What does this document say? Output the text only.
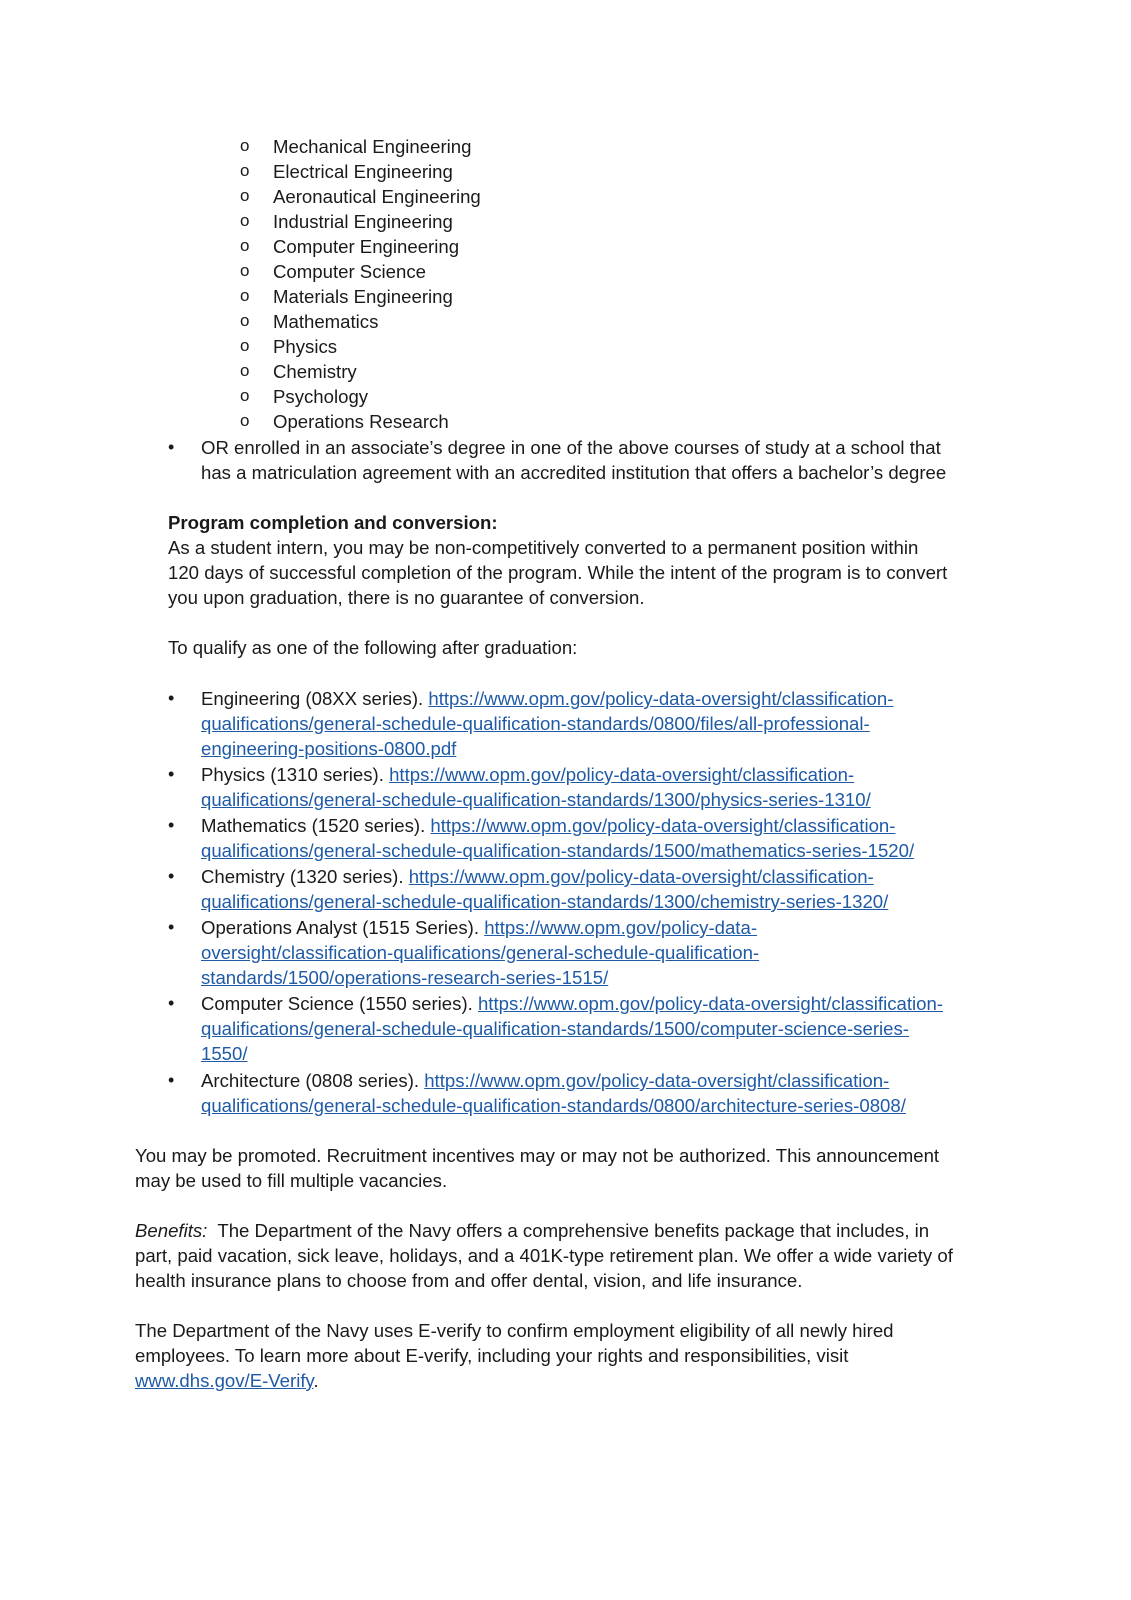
o Mechanical Engineering
o Electrical Engineering
o Aeronautical Engineering
o Industrial Engineering
o Computer Engineering
o Computer Science
o Materials Engineering
o Mathematics
o Physics
o Chemistry
o Psychology
o Operations Research
• OR enrolled in an associate’s degree in one of the above courses of study at a school that
has a matriculation agreement with an accredited institution that offers a bachelor’s degree
Program completion and conversion:
As a student intern, you may be non-competitively converted to a permanent position within
120 days of successful completion of the program. While the intent of the program is to convert
you upon graduation, there is no guarantee of conversion.
To qualify as one of the following after graduation:
• Engineering (08XX series). https://www.opm.gov/policy-data-oversight/classification-
qualifications/general-schedule-qualification-standards/0800/files/all-professional-
engineering-positions-0800.pdf
• Physics (1310 series). https://www.opm.gov/policy-data-oversight/classification-
qualifications/general-schedule-qualification-standards/1300/physics-series-1310/
• Mathematics (1520 series). https://www.opm.gov/policy-data-oversight/classification-
qualifications/general-schedule-qualification-standards/1500/mathematics-series-1520/
• Chemistry (1320 series). https://www.opm.gov/policy-data-oversight/classification-
qualifications/general-schedule-qualification-standards/1300/chemistry-series-1320/
• Operations Analyst (1515 Series). https://www.opm.gov/policy-data-
oversight/classification-qualifications/general-schedule-qualification-
standards/1500/operations-research-series-1515/
• Computer Science (1550 series). https://www.opm.gov/policy-data-oversight/classification-
qualifications/general-schedule-qualification-standards/1500/computer-science-series-
1550/
• Architecture (0808 series). https://www.opm.gov/policy-data-oversight/classification-
qualifications/general-schedule-qualification-standards/0800/architecture-series-0808/
You may be promoted. Recruitment incentives may or may not be authorized. This announcement
may be used to fill multiple vacancies.
Benefits:  The Department of the Navy offers a comprehensive benefits package that includes, in
part, paid vacation, sick leave, holidays, and a 401K-type retirement plan. We offer a wide variety of
health insurance plans to choose from and offer dental, vision, and life insurance.
The Department of the Navy uses E-verify to confirm employment eligibility of all newly hired
employees. To learn more about E-verify, including your rights and responsibilities, visit
www.dhs.gov/E-Verify.
